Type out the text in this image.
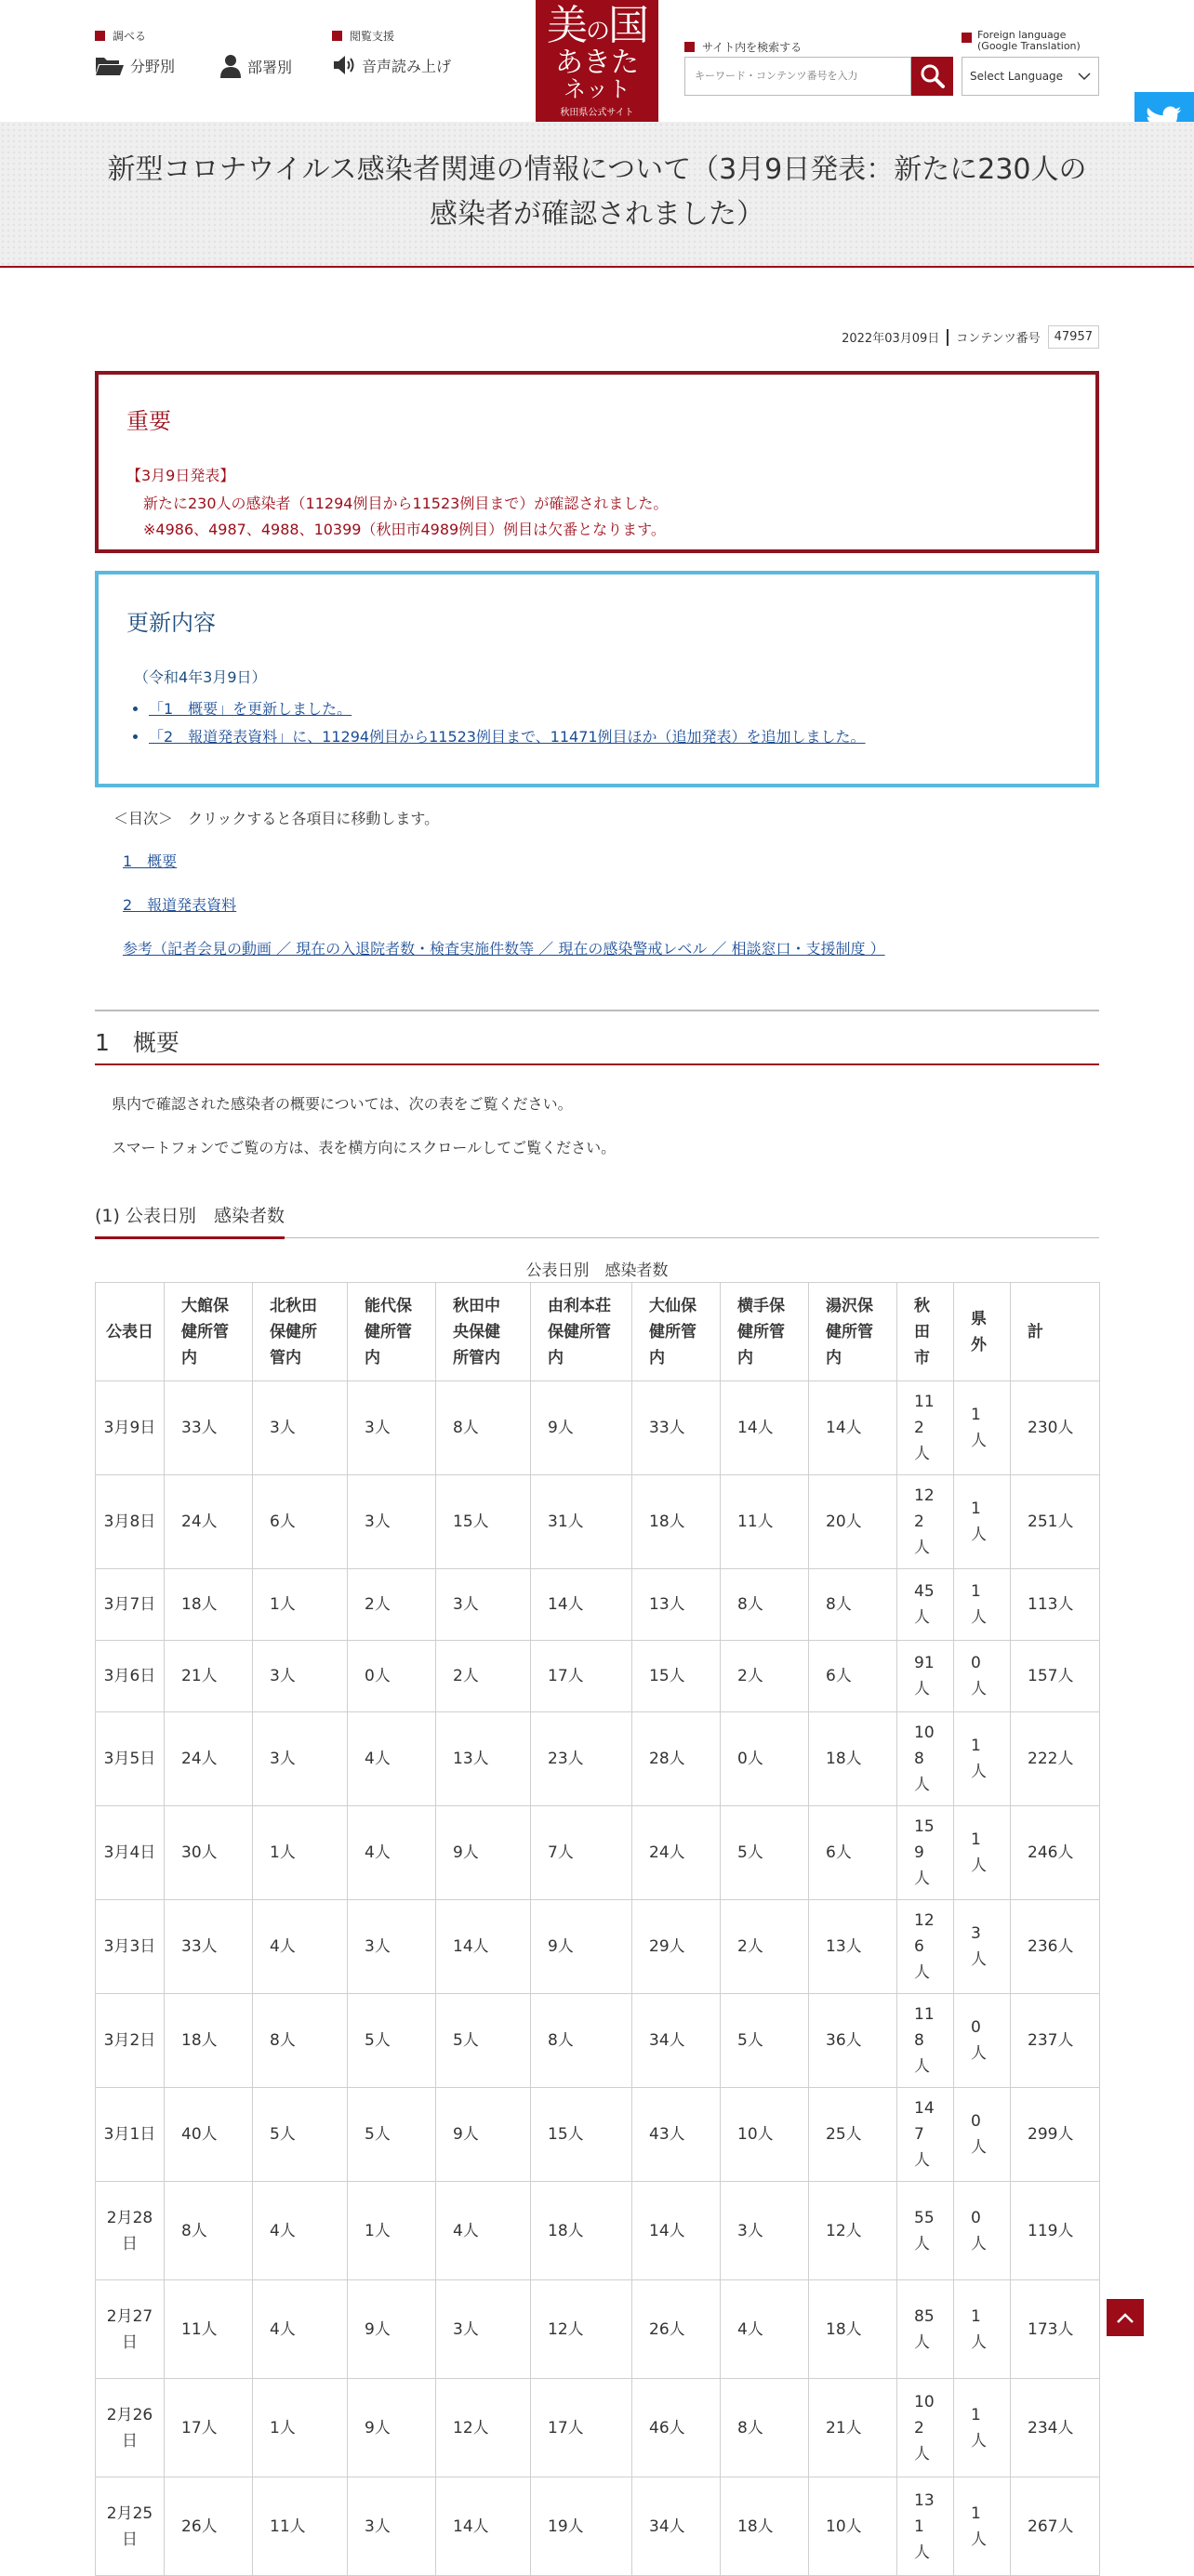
調べる
分野別	部署別
閲覧支援
音声読み上げ
美の国
あきた
ネット
秋田県公式サイト
サイト内を検索する
キーワード・コンテンツ番号を入力
Foreign language
(Google Translation)
Select Language
新型コロナウイルス感染者関連の情報について（3月9日発表：新たに230人の
感染者が確認されました）
2022年03月09日 コンテンツ番号	47957
重要
【3月9日発表】
新たに230人の感染者（11294例目から11523例目まで）が確認されました。
※4986、4987、4988、10399（秋田市4989例目）例目は欠番となります。
更新内容
（令和4年3月9日）
• 「1　概要」を更新しました。
• 「2　報道発表資料」に、11294例目から11523例目まで、11471例目ほか（追加発表）を追加しました。
＜目次＞　クリックすると各項目に移動します。
1　概要
2　報道発表資料
参考（記者会見の動画 ／ 現在の入退院者数・検査実施件数等 ／ 現在の感染警戒レベル ／ 相談窓口・支援制度 ）
1　概要
県内で確認された感染者の概要については、次の表をご覧ください。
スマートフォンでご覧の方は、表を横方向にスクロールしてご覧ください。
(1) 公表日別　感染者数
公表日別　感染者数
公表日	大館保健所管内	北秋田保健所管内	能代保健所管内	秋田中央保健所管内	由利本荘保健所管内	大仙保健所管内	横手保健所管内	湯沢保健所管内	秋田市	県外	計
3月9日	33人	3人	3人	8人	9人	33人	14人	14人	112人	1人	230人
3月8日	24人	6人	3人	15人	31人	18人	11人	20人	122人	1人	251人
3月7日	18人	1人	2人	3人	14人	13人	8人	8人	45人	1人	113人
3月6日	21人	3人	0人	2人	17人	15人	2人	6人	91人	0人	157人
3月5日	24人	3人	4人	13人	23人	28人	0人	18人	108人	1人	222人
3月4日	30人	1人	4人	9人	7人	24人	5人	6人	159人	1人	246人
3月3日	33人	4人	3人	14人	9人	29人	2人	13人	126人	3人	236人
3月2日	18人	8人	5人	5人	8人	34人	5人	36人	118人	0人	237人
3月1日	40人	5人	5人	9人	15人	43人	10人	25人	147人	0人	299人
2月28日	8人	4人	1人	4人	18人	14人	3人	12人	55人	0人	119人
2月27日	11人	4人	9人	3人	12人	26人	4人	18人	85人	1人	173人
2月26日	17人	1人	9人	12人	17人	46人	8人	21人	102人	1人	234人
2月25日	26人	11人	3人	14人	19人	34人	18人	10人	131人	1人	267人
